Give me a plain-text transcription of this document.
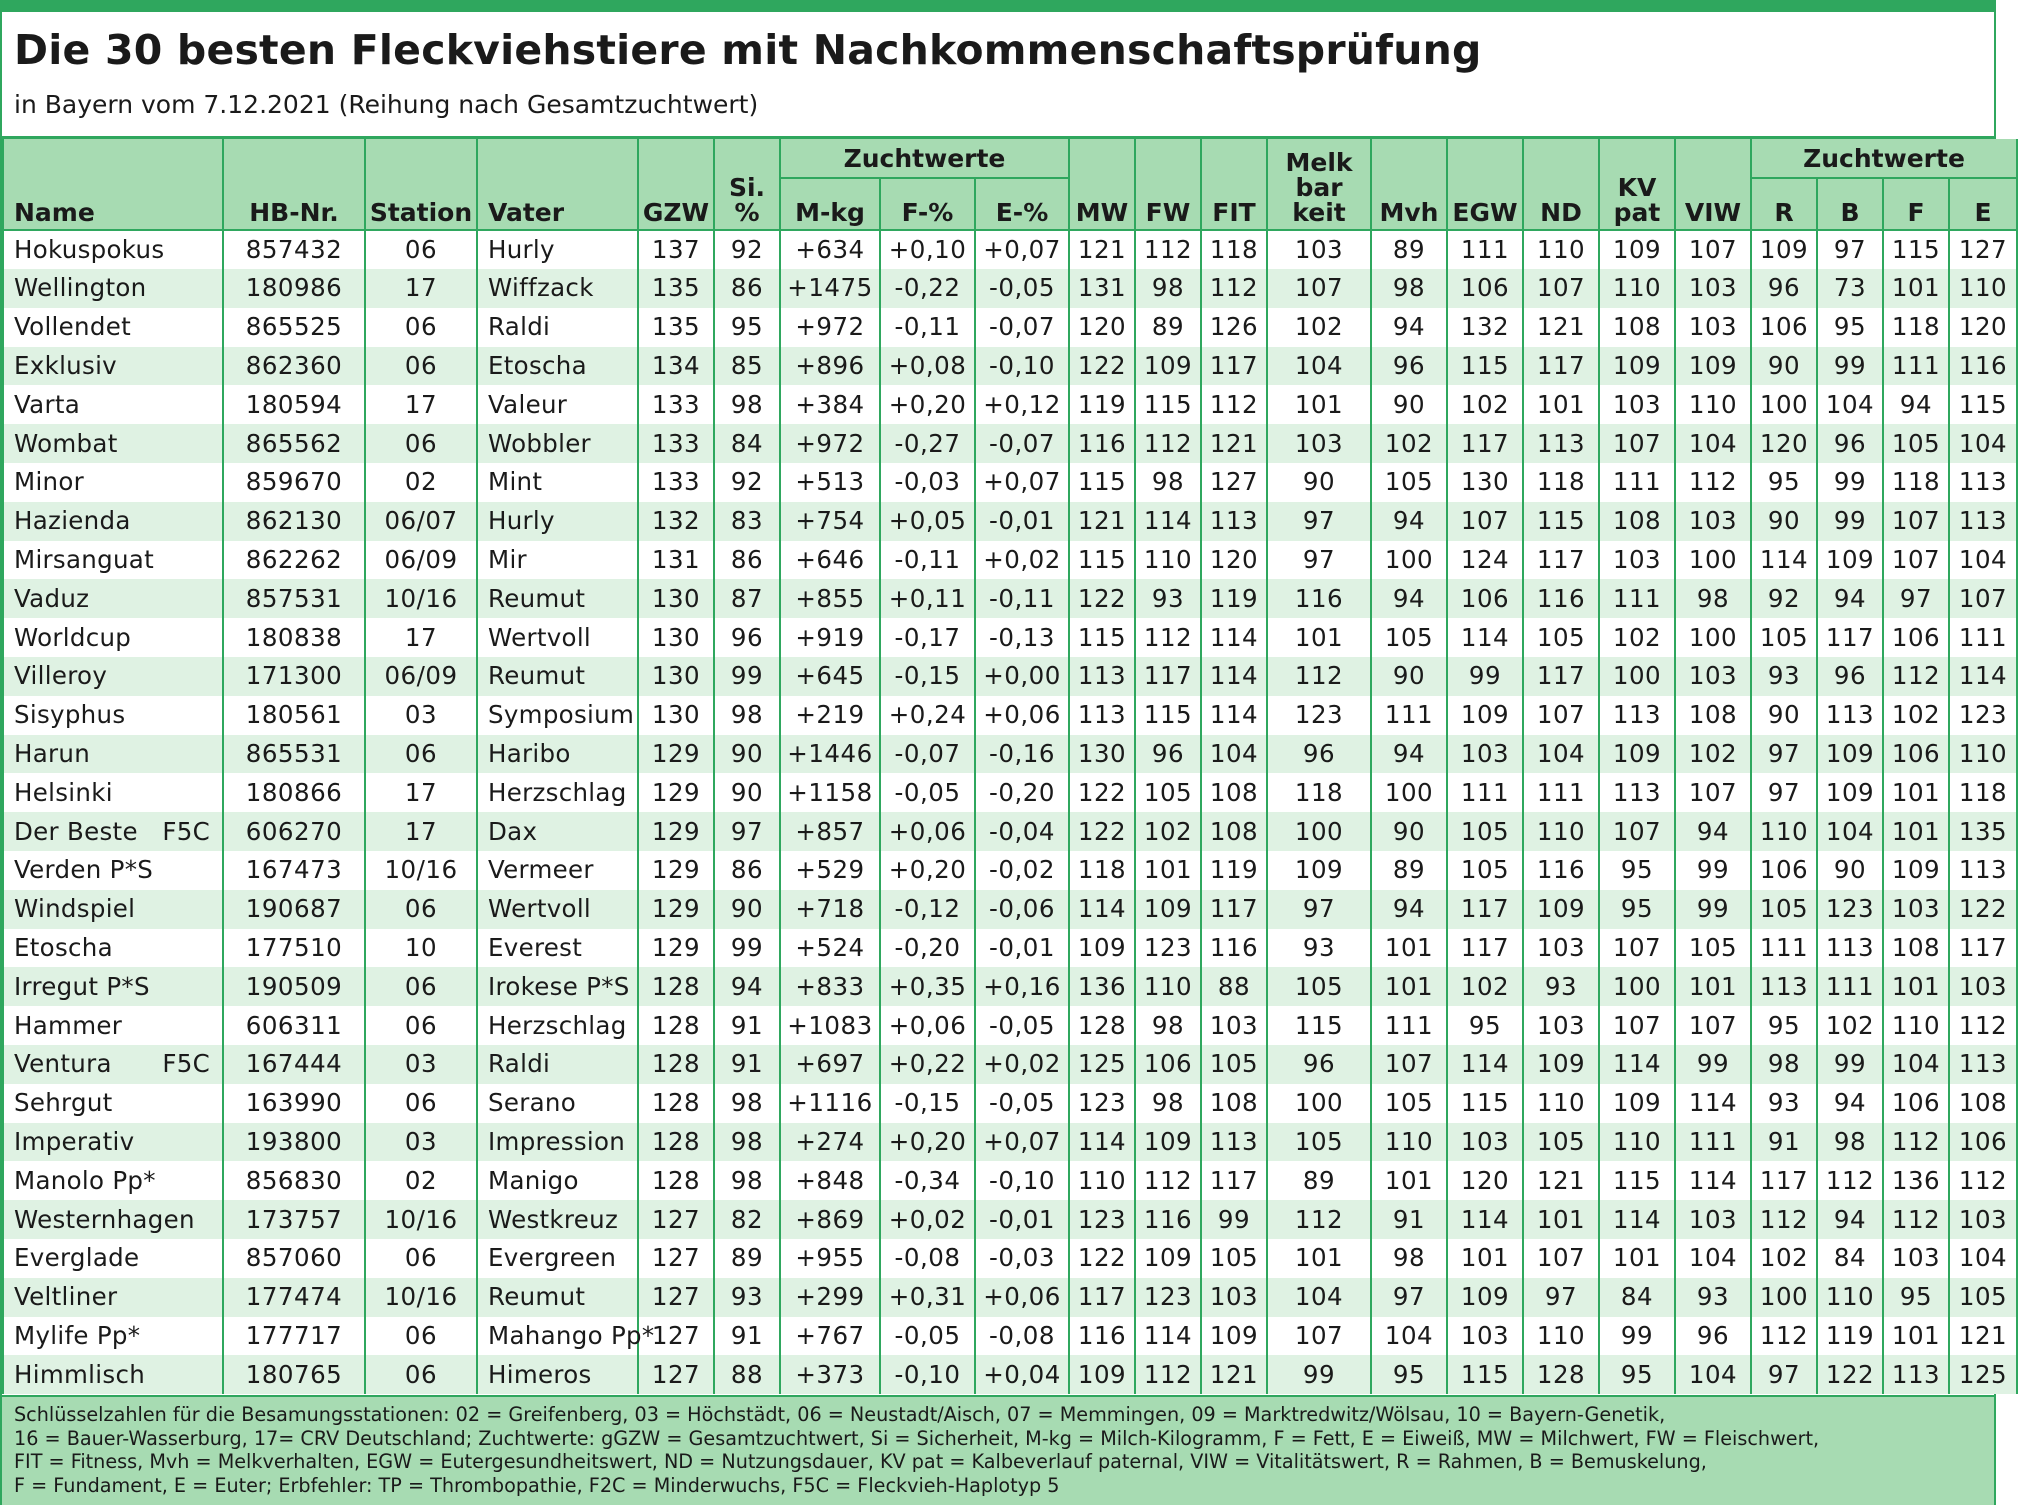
Die 30 besten Fleckviehstiere mit Nachkommenschaftsprüfung
in Bayern vom 7.12.2021 (Reihung nach Gesamtzuchtwert)
Name	HB-Nr.	Station	Vater	GZW	Si.
%	Zuchtwerte			MW	FW	FIT	Melk
bar
keit	Mvh	EGW	ND	KV
pat	VIW	Zuchtwerte			
						M-kg	F-%	E-%										R	B	F	E
Hokuspokus	857432	06	Hurly	137	92	+634	+0,10	+0,07	121	112	118	103	89	111	110	109	107	109	97	115	127
Wellington	180986	17	Wiffzack	135	86	+1475	-0,22	-0,05	131	98	112	107	98	106	107	110	103	96	73	101	110
Vollendet	865525	06	Raldi	135	95	+972	-0,11	-0,07	120	89	126	102	94	132	121	108	103	106	95	118	120
Exklusiv	862360	06	Etoscha	134	85	+896	+0,08	-0,10	122	109	117	104	96	115	117	109	109	90	99	111	116
Varta	180594	17	Valeur	133	98	+384	+0,20	+0,12	119	115	112	101	90	102	101	103	110	100	104	94	115
Wombat	865562	06	Wobbler	133	84	+972	-0,27	-0,07	116	112	121	103	102	117	113	107	104	120	96	105	104
Minor	859670	02	Mint	133	92	+513	-0,03	+0,07	115	98	127	90	105	130	118	111	112	95	99	118	113
Hazienda	862130	06/07	Hurly	132	83	+754	+0,05	-0,01	121	114	113	97	94	107	115	108	103	90	99	107	113
Mirsanguat	862262	06/09	Mir	131	86	+646	-0,11	+0,02	115	110	120	97	100	124	117	103	100	114	109	107	104
Vaduz	857531	10/16	Reumut	130	87	+855	+0,11	-0,11	122	93	119	116	94	106	116	111	98	92	94	97	107
Worldcup	180838	17	Wertvoll	130	96	+919	-0,17	-0,13	115	112	114	101	105	114	105	102	100	105	117	106	111
Villeroy	171300	06/09	Reumut	130	99	+645	-0,15	+0,00	113	117	114	112	90	99	117	100	103	93	96	112	114
Sisyphus	180561	03	Symposium	130	98	+219	+0,24	+0,06	113	115	114	123	111	109	107	113	108	90	113	102	123
Harun	865531	06	Haribo	129	90	+1446	-0,07	-0,16	130	96	104	96	94	103	104	109	102	97	109	106	110
Helsinki	180866	17	Herzschlag	129	90	+1158	-0,05	-0,20	122	105	108	118	100	111	111	113	107	97	109	101	118
Der Beste F5C	606270	17	Dax	129	97	+857	+0,06	-0,04	122	102	108	100	90	105	110	107	94	110	104	101	135
Verden P*S	167473	10/16	Vermeer	129	86	+529	+0,20	-0,02	118	101	119	109	89	105	116	95	99	106	90	109	113
Windspiel	190687	06	Wertvoll	129	90	+718	-0,12	-0,06	114	109	117	97	94	117	109	95	99	105	123	103	122
Etoscha	177510	10	Everest	129	99	+524	-0,20	-0,01	109	123	116	93	101	117	103	107	105	111	113	108	117
Irregut P*S	190509	06	Irokese P*S	128	94	+833	+0,35	+0,16	136	110	88	105	101	102	93	100	101	113	111	101	103
Hammer	606311	06	Herzschlag	128	91	+1083	+0,06	-0,05	128	98	103	115	111	95	103	107	107	95	102	110	112
Ventura F5C	167444	03	Raldi	128	91	+697	+0,22	+0,02	125	106	105	96	107	114	109	114	99	98	99	104	113
Sehrgut	163990	06	Serano	128	98	+1116	-0,15	-0,05	123	98	108	100	105	115	110	109	114	93	94	106	108
Imperativ	193800	03	Impression	128	98	+274	+0,20	+0,07	114	109	113	105	110	103	105	110	111	91	98	112	106
Manolo Pp*	856830	02	Manigo	128	98	+848	-0,34	-0,10	110	112	117	89	101	120	121	115	114	117	112	136	112
Westernhagen	173757	10/16	Westkreuz	127	82	+869	+0,02	-0,01	123	116	99	112	91	114	101	114	103	112	94	112	103
Everglade	857060	06	Evergreen	127	89	+955	-0,08	-0,03	122	109	105	101	98	101	107	101	104	102	84	103	104
Veltliner	177474	10/16	Reumut	127	93	+299	+0,31	+0,06	117	123	103	104	97	109	97	84	93	100	110	95	105
Mylife Pp*	177717	06	Mahango Pp*	127	91	+767	-0,05	-0,08	116	114	109	107	104	103	110	99	96	112	119	101	121
Himmlisch	180765	06	Himeros	127	88	+373	-0,10	+0,04	109	112	121	99	95	115	128	95	104	97	122	113	125
Schlüsselzahlen für die Besamungsstationen: 02 = Greifenberg, 03 = Höchstädt, 06 = Neustadt/Aisch, 07 = Memmingen, 09 = Marktredwitz/Wölsau, 10 = Bayern-Genetik,
16 = Bauer-Wasserburg, 17= CRV Deutschland; Zuchtwerte: gGZW = Gesamtzuchtwert, Si = Sicherheit, M-kg = Milch-Kilogramm, F = Fett, E = Eiweiß, MW = Milchwert, FW = Fleischwert,
FIT = Fitness, Mvh = Melkverhalten, EGW = Eutergesundheitswert, ND = Nutzungsdauer, KV pat = Kalbeverlauf paternal, VIW = Vitalitätswert, R = Rahmen, B = Bemuskelung,
F = Fundament, E = Euter; Erbfehler: TP = Thrombopathie, F2C = Minderwuchs, F5C = Fleckvieh-Haplotyp 5
